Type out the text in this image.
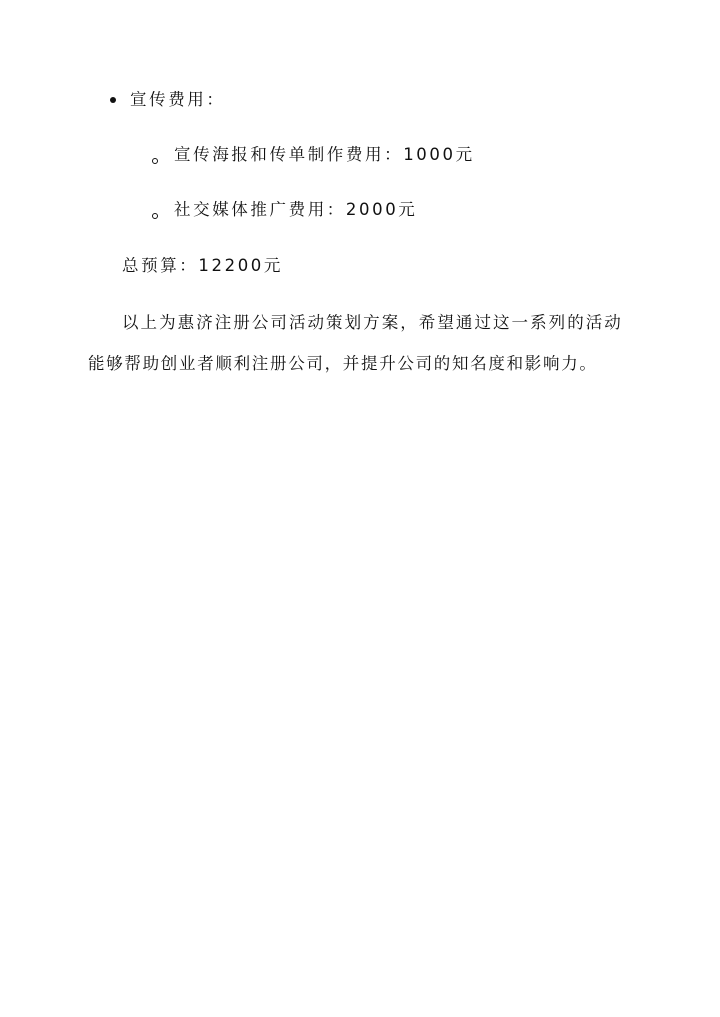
宣传费用：
宣传海报和传单制作费用：1000元
社交媒体推广费用：2000元
总预算：12200元
以上为惠济注册公司活动策划方案，希望通过这一系列的活动
能够帮助创业者顺利注册公司，并提升公司的知名度和影响力。
